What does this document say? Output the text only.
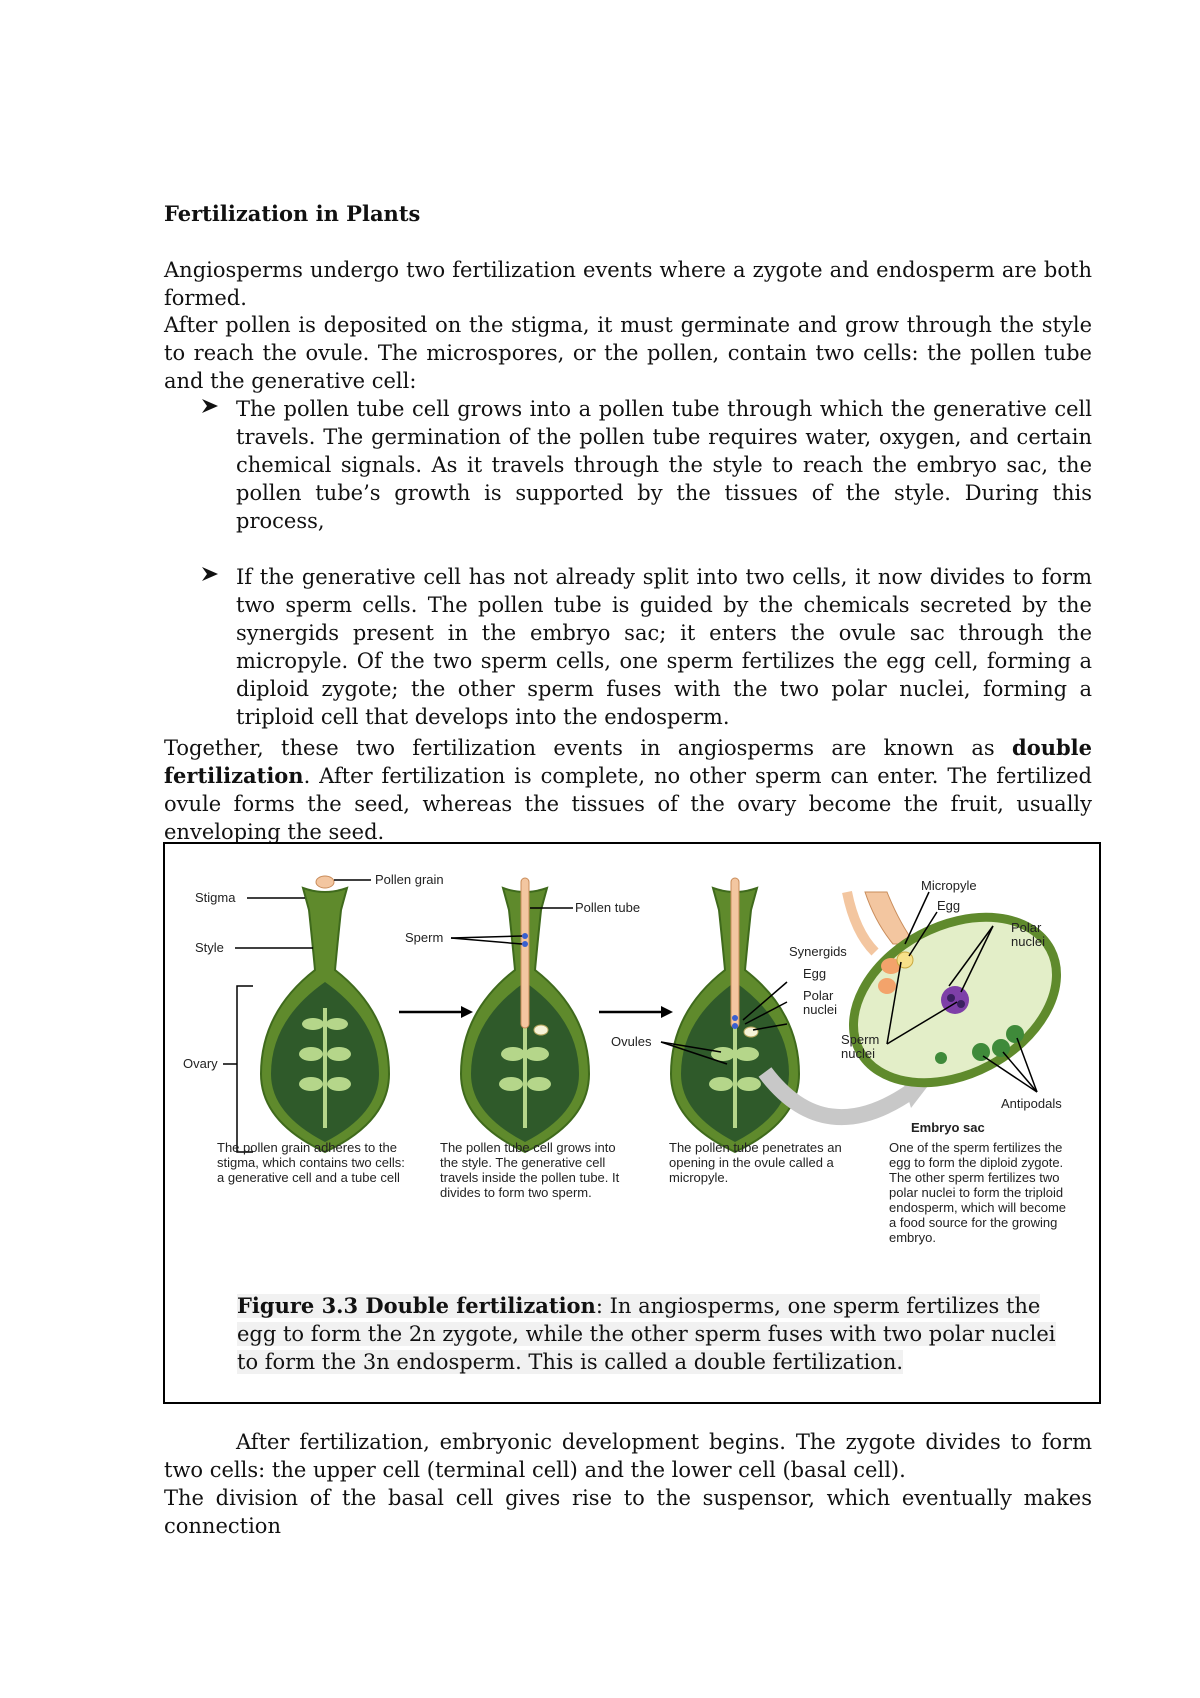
Fertilization in Plants
Angiosperms undergo two fertilization events where a zygote and endosperm are both formed.
After pollen is deposited on the stigma, it must germinate and grow through the style to reach the ovule. The microspores, or the pollen, contain two cells: the pollen tube and the generative cell:
The pollen tube cell grows into a pollen tube through which the generative cell travels. The germination of the pollen tube requires water, oxygen, and certain chemical signals. As it travels through the style to reach the embryo sac, the pollen tube’s growth is supported by the tissues of the style. During this process,
If the generative cell has not already split into two cells, it now divides to form two sperm cells. The pollen tube is guided by the chemicals secreted by the synergids present in the embryo sac; it enters the ovule sac through the micropyle. Of the two sperm cells, one sperm fertilizes the egg cell, forming a diploid zygote; the other sperm fuses with the two polar nuclei, forming a triploid cell that develops into the endosperm.
Together, these two fertilization events in angiosperms are known as double fertilization. After fertilization is complete, no other sperm can enter. The fertilized ovule forms the seed, whereas the tissues of the ovary become the fruit, usually enveloping the seed.
Pollen grain
Stigma
Style
Ovary
Pollen tube
Sperm
Ovules
Synergids
Egg
Polar
nuclei
Micropyle
Egg
Polar
nuclei
Sperm
nuclei
Antipodals
Embryo sac
The pollen grain adheres to the stigma, which contains two cells: a generative cell and a tube cell
The pollen tube cell grows into the style. The generative cell travels inside the pollen tube. It divides to form two sperm.
The pollen tube penetrates an opening in the ovule called a micropyle.
One of the sperm fertilizes the egg to form the diploid zygote. The other sperm fertilizes two polar nuclei to form the triploid endosperm, which will become a food source for the growing embryo.
Figure 3.3 Double fertilization: In angiosperms, one sperm fertilizes the egg to form the 2n zygote, while the other sperm fuses with two polar nuclei to form the 3n endosperm. This is called a double fertilization.
After fertilization, embryonic development begins. The zygote divides to form two cells: the upper cell (terminal cell) and the lower cell (basal cell).
The division of the basal cell gives rise to the suspensor, which eventually makes connection
